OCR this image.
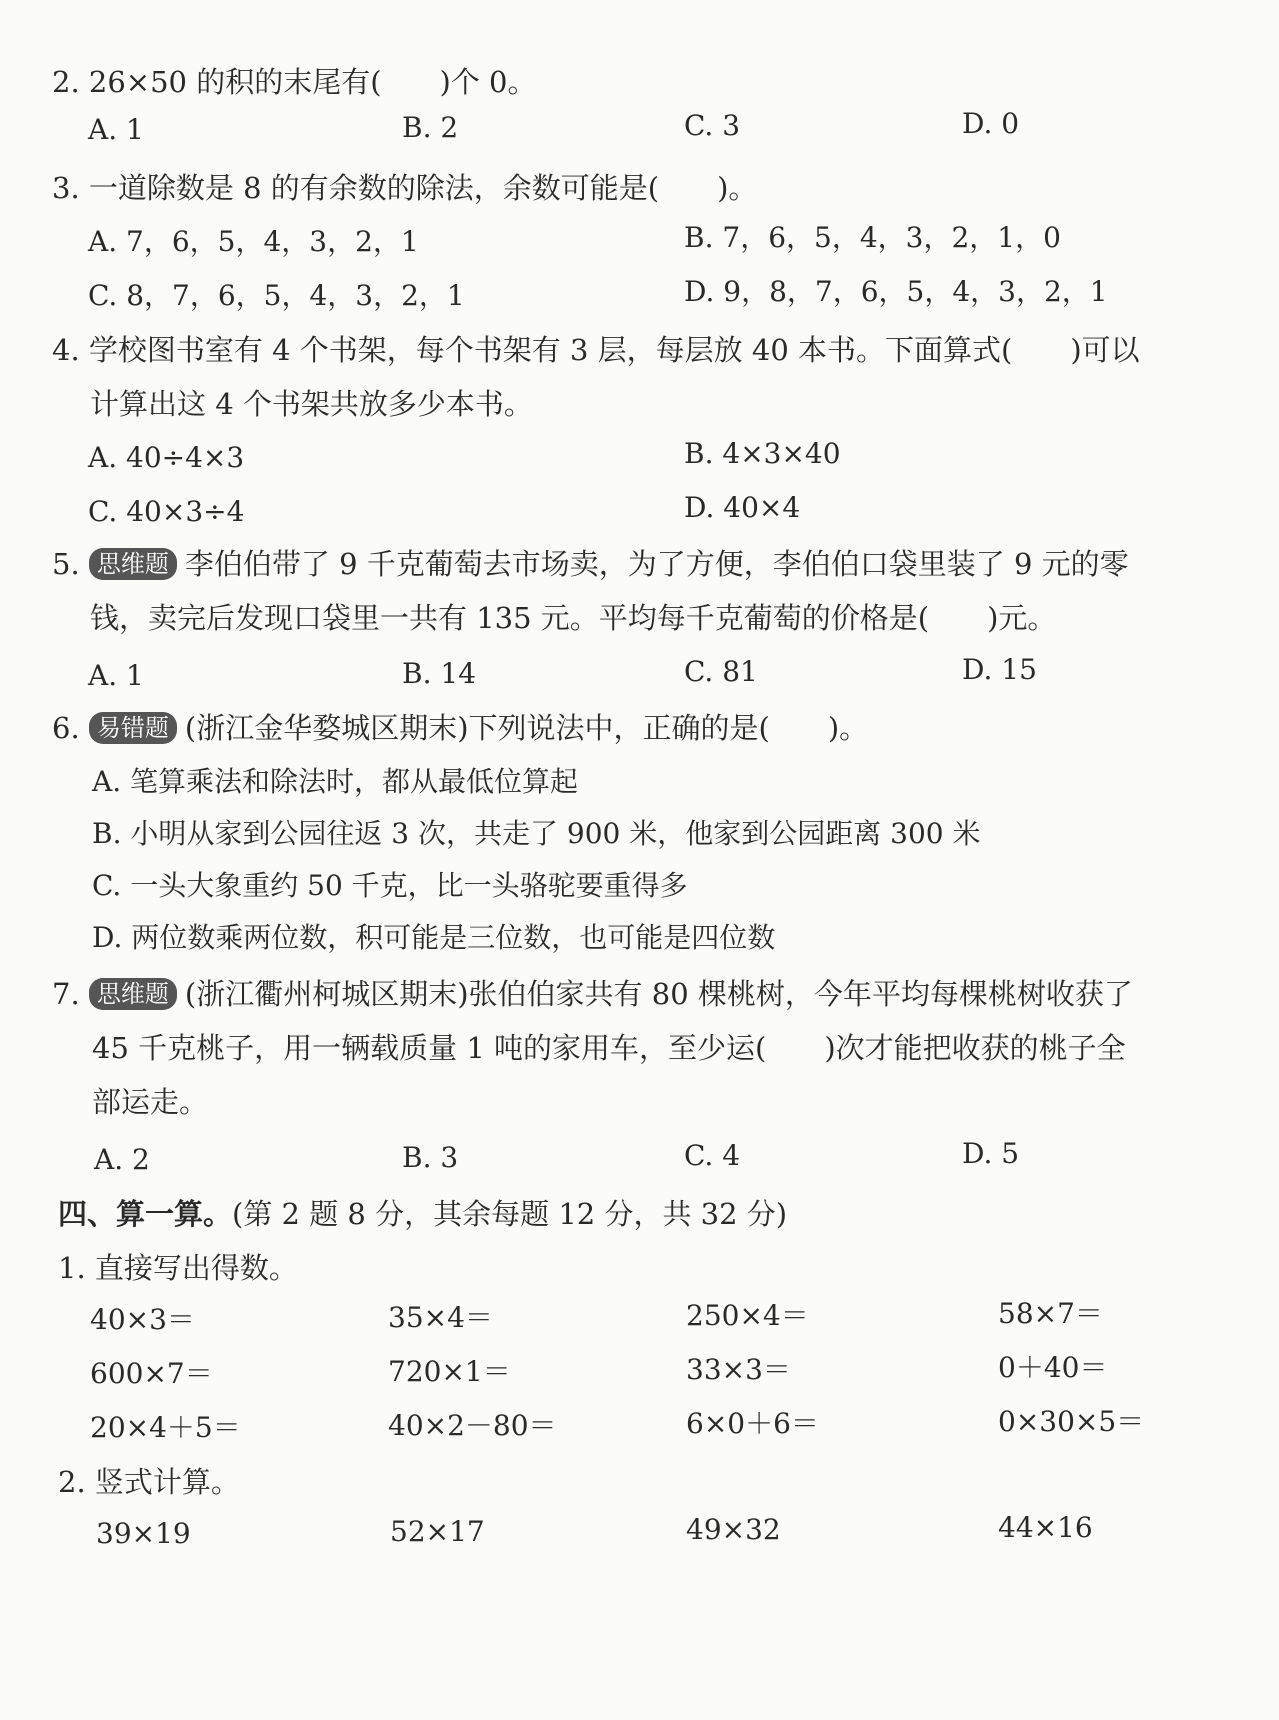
2. 26×50 的积的末尾有(　　)个 0。
A. 1	B. 2	C. 3	D. 0
3. 一道除数是 8 的有余数的除法，余数可能是(　　)。
A. 7，6，5，4，3，2，1	B. 7，6，5，4，3，2，1，0
C. 8，7，6，5，4，3，2，1	D. 9，8，7，6，5，4，3，2，1
4. 学校图书室有 4 个书架，每个书架有 3 层，每层放 40 本书。下面算式(　　)可以
计算出这 4 个书架共放多少本书。
A. 40÷4×3	B. 4×3×40
C. 40×3÷4	D. 40×4
5. 思维题 李伯伯带了 9 千克葡萄去市场卖，为了方便，李伯伯口袋里装了 9 元的零
钱，卖完后发现口袋里一共有 135 元。平均每千克葡萄的价格是(　　)元。
A. 1	B. 14	C. 81	D. 15
6. 易错题 (浙江金华婺城区期末)下列说法中，正确的是(　　)。
A. 笔算乘法和除法时，都从最低位算起
B. 小明从家到公园往返 3 次，共走了 900 米，他家到公园距离 300 米
C. 一头大象重约 50 千克，比一头骆驼要重得多
D. 两位数乘两位数，积可能是三位数，也可能是四位数
7. 思维题 (浙江衢州柯城区期末)张伯伯家共有 80 棵桃树，今年平均每棵桃树收获了
45 千克桃子，用一辆载质量 1 吨的家用车，至少运(　　)次才能把收获的桃子全
部运走。
A. 2	B. 3	C. 4	D. 5
四、算一算。(第 2 题 8 分，其余每题 12 分，共 32 分)
1. 直接写出得数。
40×3＝	35×4＝	250×4＝	58×7＝
600×7＝	720×1＝	33×3＝	0＋40＝
20×4＋5＝	40×2－80＝	6×0＋6＝	0×30×5＝
2. 竖式计算。
39×19	52×17	49×32	44×16
